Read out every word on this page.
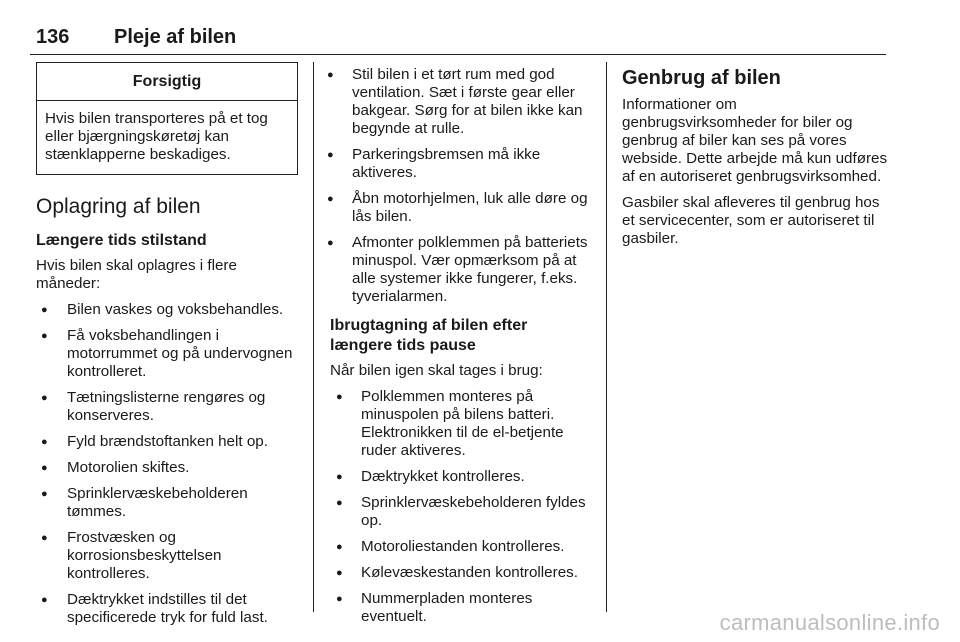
136 Pleje af bilen
Forsigtig
Hvis bilen transporteres på et tog eller bjærgningskøretøj kan stænklapperne beskadiges.
Oplagring af bilen
Længere tids stilstand

Hvis bilen skal oplagres i flere måneder:

● Bilen vaskes og voksbehandles.
● Få voksbehandlingen i motorrummet og på undervognen kontrolleret.
● Tætningslisterne rengøres og konserveres.
● Fyld brændstoftanken helt op.
● Motorolien skiftes.
● Sprinklervæskebeholderen tømmes.
● Frostvæsken og korrosionsbeskyttelsen kontrolleres.
● Dæktrykket indstilles til det specificerede tryk for fuld last.
● Stil bilen i et tørt rum med god ventilation. Sæt i første gear eller bakgear. Sørg for at bilen ikke kan begynde at rulle.
● Parkeringsbremsen må ikke aktiveres.
● Åbn motorhjelmen, luk alle døre og lås bilen.
● Afmonter polklemmen på batteriets minuspol. Vær opmærksom på at alle systemer ikke fungerer, f.eks. tyverialarmen.
Ibrugtagning af bilen efter længere tids pause

Når bilen igen skal tages i brug:

● Polklemmen monteres på minuspolen på bilens batteri. Elektronikken til de el-betjente ruder aktiveres.
● Dæktrykket kontrolleres.
● Sprinklervæskebeholderen fyldes op.
● Motoroliestanden kontrolleres.
● Kølevæskestanden kontrolleres.
● Nummerpladen monteres eventuelt.
Genbrug af bilen

Informationer om genbrugsvirksomheder for biler og genbrug af biler kan ses på vores webside. Dette arbejde må kun udføres af en autoriseret genbrugsvirksomhed.

Gasbiler skal afleveres til genbrug hos et servicecenter, som er autoriseret til gasbiler.

carmanualsonline.info
